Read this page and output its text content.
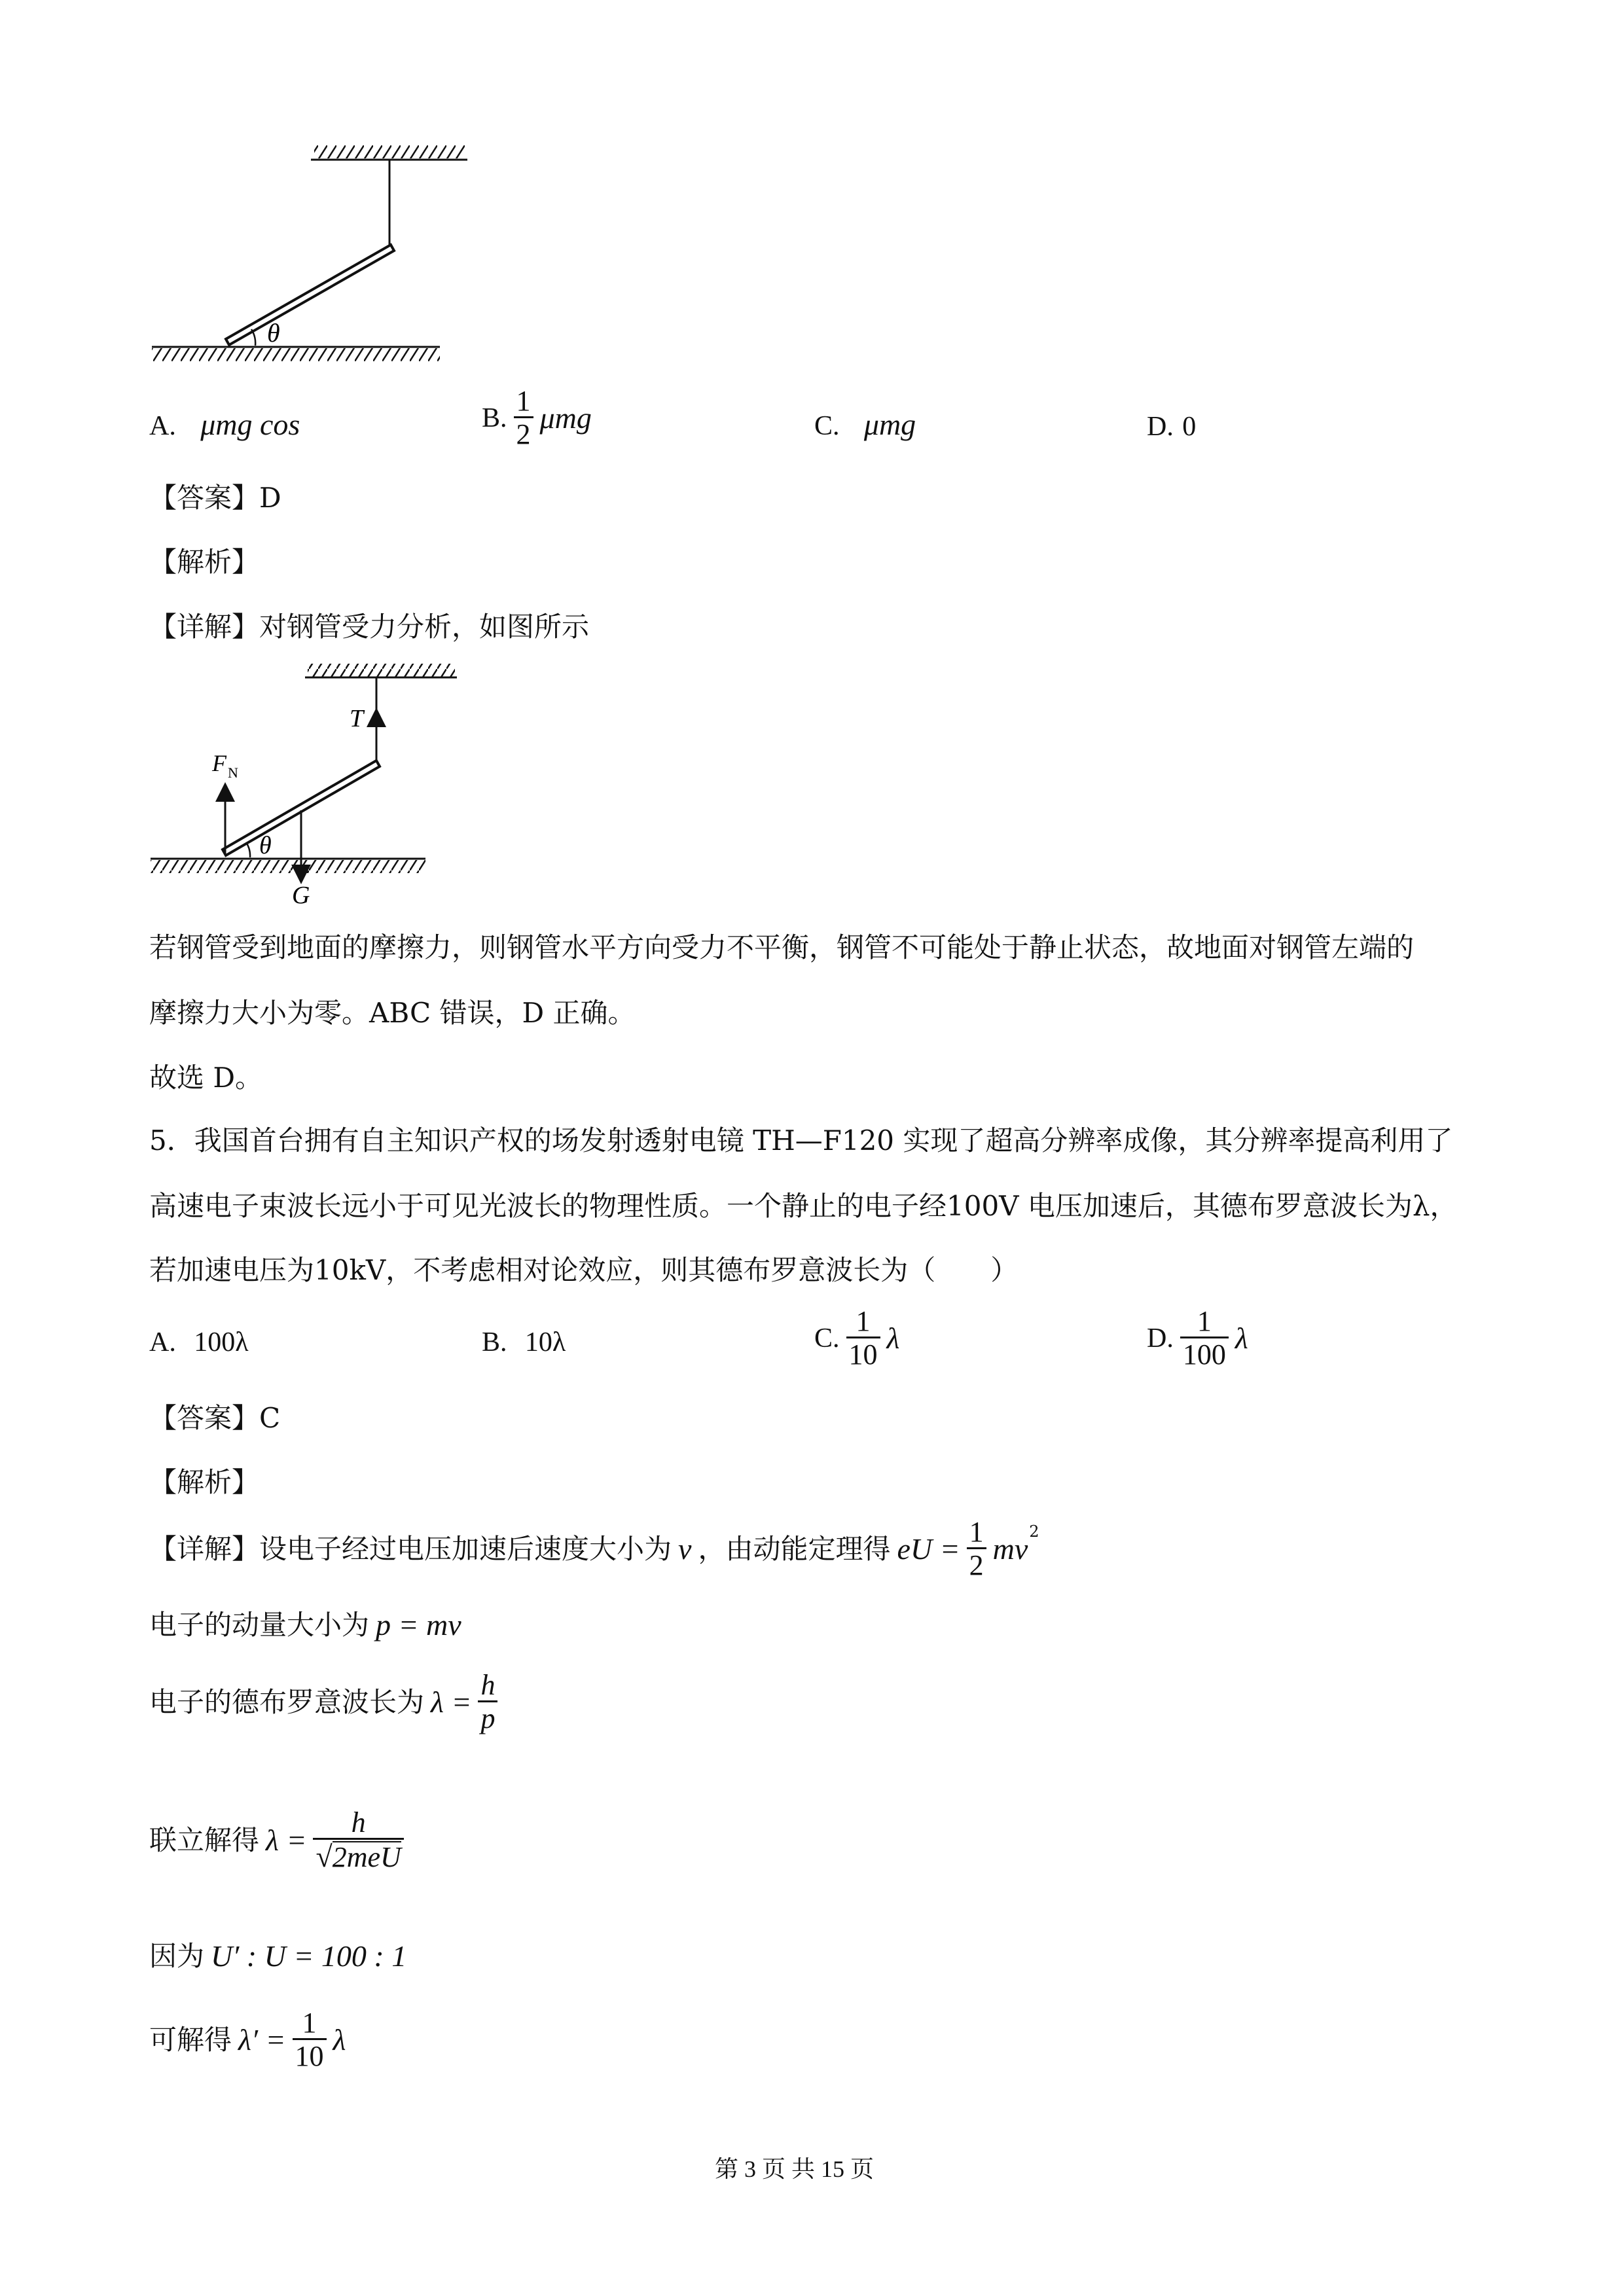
θ
A. μmg cos	B. $\frac{1}{2}$ μmg	C. μmg	D. 0
【答案】D
【解析】
【详解】对钢管受力分析，如图所示
T
$F_N$
G
θ
若钢管受到地面的摩擦力，则钢管水平方向受力不平衡，钢管不可能处于静止状态，故地面对钢管左端的
摩擦力大小为零。ABC 错误，D 正确。
故选 D。
5．我国首台拥有自主知识产权的场发射透射电镜 TH—F120 实现了超高分辨率成像，其分辨率提高利用了
高速电子束波长远小于可见光波长的物理性质。一个静止的电子经100V 电压加速后，其德布罗意波长为λ，
若加速电压为10kV，不考虑相对论效应，则其德布罗意波长为（　　）
A. 100λ	B. 10λ	C. $\frac{1}{10}$ λ	D. $\frac{1}{100}$ λ
【答案】C
【解析】
【详解】设电子经过电压加速后速度大小为 v ，由动能定理得 eU = $\frac{1}{2}$ mv
2
电子的动量大小为 p = mv
电子的德布罗意波长为 $\lambda = \frac{h}{p}$
联立解得 $\lambda = \frac{h}{\text{√ 2meU}}$
因为 U′ : U = 100 : 1
可解得 $\lambda' = \frac{1}{10}$ λ
第 3 页 共 15 页
